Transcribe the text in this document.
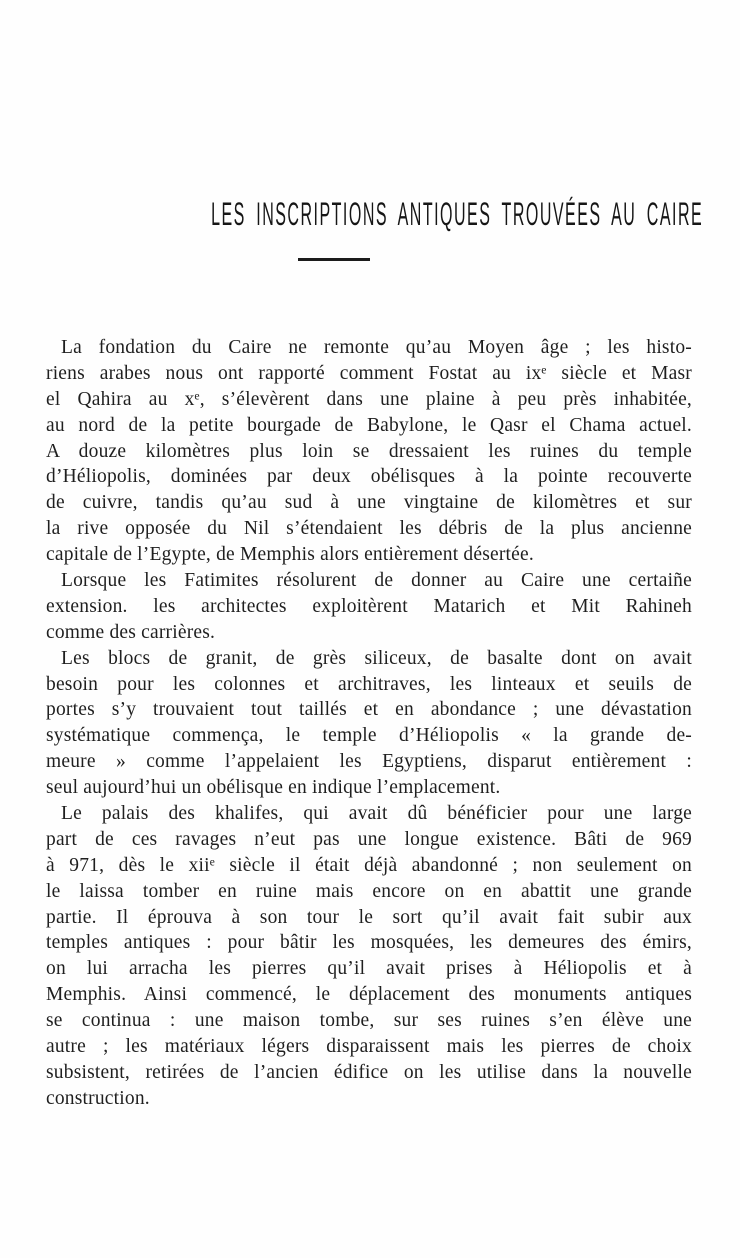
LES INSCRIPTIONS ANTIQUES TROUVÉES AU CAIRE
La fondation du Caire ne remonte qu’au Moyen âge ; les histo-
riens arabes nous ont rapporté comment Fostat au ixᵉ siècle et Masr
el Qahira au xᵉ, s’élevèrent dans une plaine à peu près inhabitée,
au nord de la petite bourgade de Babylone, le Qasr el Chama actuel.
A douze kilomètres plus loin se dressaient les ruines du temple
d’Héliopolis, dominées par deux obélisques à la pointe recouverte
de cuivre, tandis qu’au sud à une vingtaine de kilomètres et sur
la rive opposée du Nil s’étendaient les débris de la plus ancienne
capitale de l’Egypte, de Memphis alors entièrement désertée.
Lorsque les Fatimites résolurent de donner au Caire une certaiñe
extension. les architectes exploitèrent Matarich et Mit Rahineh
comme des carrières.
Les blocs de granit, de grès siliceux, de basalte dont on avait
besoin pour les colonnes et architraves, les linteaux et seuils de
portes s’y trouvaient tout taillés et en abondance ; une dévastation
systématique commença, le temple d’Héliopolis « la grande de-
meure » comme l’appelaient les Egyptiens, disparut entièrement :
seul aujourd’hui un obélisque en indique l’emplacement.
Le palais des khalifes, qui avait dû bénéficier pour une large
part de ces ravages n’eut pas une longue existence. Bâti de 969
à 971, dès le xiiᵉ siècle il était déjà abandonné ; non seulement on
le laissa tomber en ruine mais encore on en abattit une grande
partie. Il éprouva à son tour le sort qu’il avait fait subir aux
temples antiques : pour bâtir les mosquées, les demeures des émirs,
on lui arracha les pierres qu’il avait prises à Héliopolis et à
Memphis. Ainsi commencé, le déplacement des monuments antiques
se continua : une maison tombe, sur ses ruines s’en élève une
autre ; les matériaux légers disparaissent mais les pierres de choix
subsistent, retirées de l’ancien édifice on les utilise dans la nouvelle
construction.
